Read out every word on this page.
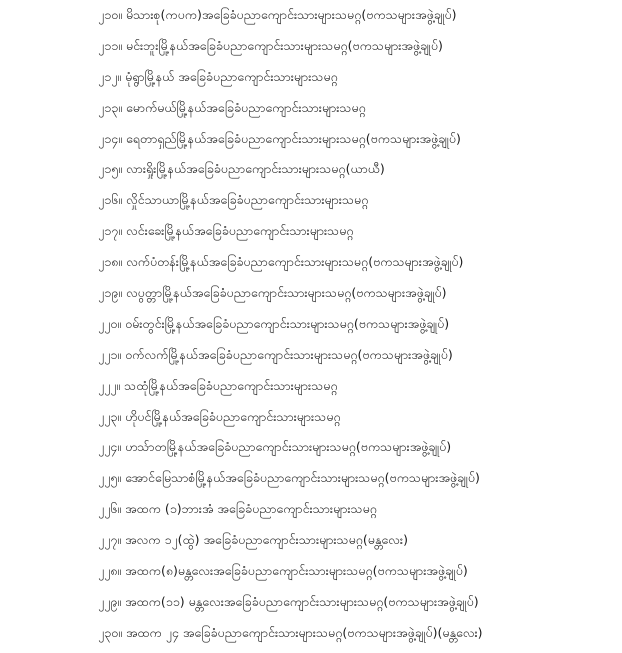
၂၁၀။ မိသားစု(ကပက)အခြေခံပညာကျောင်းသားများသမဂ္ဂ(ဗကသများအဖွဲ့ချုပ်)
၂၁၁။ မင်းဘူးမြို့နယ်အခြေခံပညာကျောင်းသားများသမဂ္ဂ(ဗကသများအဖွဲ့ချုပ်)
၂၁၂။ မုံရွာမြို့နယ် အခြေခံပညာကျောင်းသားများသမဂ္ဂ
၂၁၃။ မောက်မယ်မြို့နယ်အခြေခံပညာကျောင်းသားများသမဂ္ဂ
၂၁၄။ ရေတာရှည်မြို့နယ်အခြေခံပညာကျောင်းသားများသမဂ္ဂ(ဗကသများအဖွဲ့ချုပ်)
၂၁၅။ လားရှိုးမြို့နယ်အခြေခံပညာကျောင်းသားများသမဂ္ဂ(ယာယီ)
၂၁၆။ လှိုင်သာယာမြို့နယ်အခြေခံပညာကျောင်းသားများသမဂ္ဂ
၂၁၇။ လင်းခေးမြို့နယ်အခြေခံပညာကျောင်းသားများသမဂ္ဂ
၂၁၈။ လက်ပံတန်းမြို့နယ်အခြေခံပညာကျောင်းသားများသမဂ္ဂ(ဗကသများအဖွဲ့ချုပ်)
၂၁၉။ လပွတ္တာမြို့နယ်အခြေခံပညာကျောင်းသားများသမဂ္ဂ(ဗကသများအဖွဲ့ချုပ်)
၂၂၀။ ဝမ်းတွင်းမြို့နယ်အခြေခံပညာကျောင်းသားများသမဂ္ဂ(ဗကသများအဖွဲ့ချုပ်)
၂၂၁။ ဝက်လက်မြို့နယ်အခြေခံပညာကျောင်းသားများသမဂ္ဂ(ဗကသများအဖွဲ့ချုပ်)
၂၂၂။ သထုံမြို့နယ်အခြေခံပညာကျောင်းသားများသမဂ္ဂ
၂၂၃။ ဟိုပင်မြို့နယ်အခြေခံပညာကျောင်းသားများသမဂ္ဂ
၂၂၄။ ဟသ်ာတမြို့နယ်အခြေခံပညာကျောင်းသားများသမဂ္ဂ(ဗကသများအဖွဲ့ချုပ်)
၂၂၅။ အောင်မြေသာစံမြို့နယ်အခြေခံပညာကျောင်းသားများသမဂ္ဂ(ဗကသများအဖွဲ့ချုပ်)
၂၂၆။ အထက (၁)ဘားအံ အခြေခံပညာကျောင်းသားများသမဂ္ဂ
၂၂၇။ အလက ၁၂(ထွဲ) အခြေခံပညာကျောင်းသားများသမဂ္ဂ(မန္တလေး)
၂၂၈။ အထက(၈)မန္တလေးအခြေခံပညာကျောင်းသားများသမဂ္ဂ(ဗကသများအဖွဲ့ချုပ်)
၂၂၉။ အထက(၁၁) မန္တလေးအခြေခံပညာကျောင်းသားများသမဂ္ဂ(ဗကသများအဖွဲ့ချုပ်)
၂၃၀။ အထက ၂၄ အခြေခံပညာကျောင်းသားများသမဂ္ဂ(ဗကသများအဖွဲ့ချုပ်)(မန္တလေး)
